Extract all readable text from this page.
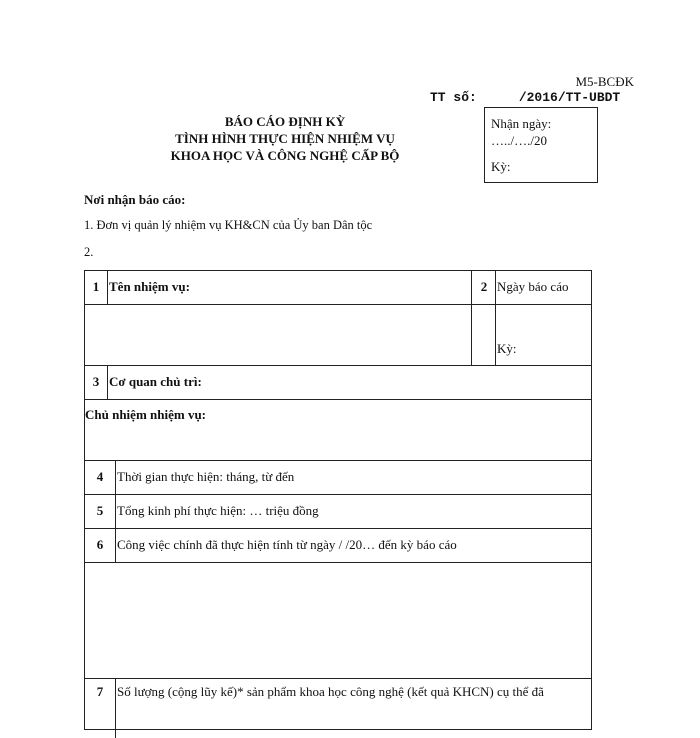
M5-BCĐK
TT số:	/2016/TT-UBDT
BÁO CÁO ĐỊNH KỲ
TÌNH HÌNH THỰC HIỆN NHIỆM VỤ
KHOA HỌC VÀ CÔNG NGHỆ CẤP BỘ
Nhận ngày:
…../…./20
Kỳ:
Nơi nhận báo cáo:
1. Đơn vị quản lý nhiệm vụ KH&CN của Ủy ban Dân tộc
2.
1 Tên nhiệm vụ:	2 Ngày báo cáo
Kỳ:
3 Cơ quan chủ trì:
Chủ nhiệm nhiệm vụ:
4	Thời gian thực hiện: tháng, từ đến
5	Tổng kinh phí thực hiện: … triệu đồng
6	Công việc chính đã thực hiện tính từ ngày / /20… đến kỳ báo cáo
7	Số lượng (cộng lũy kế)* sản phẩm khoa học công nghệ (kết quả KHCN) cụ thể đã
